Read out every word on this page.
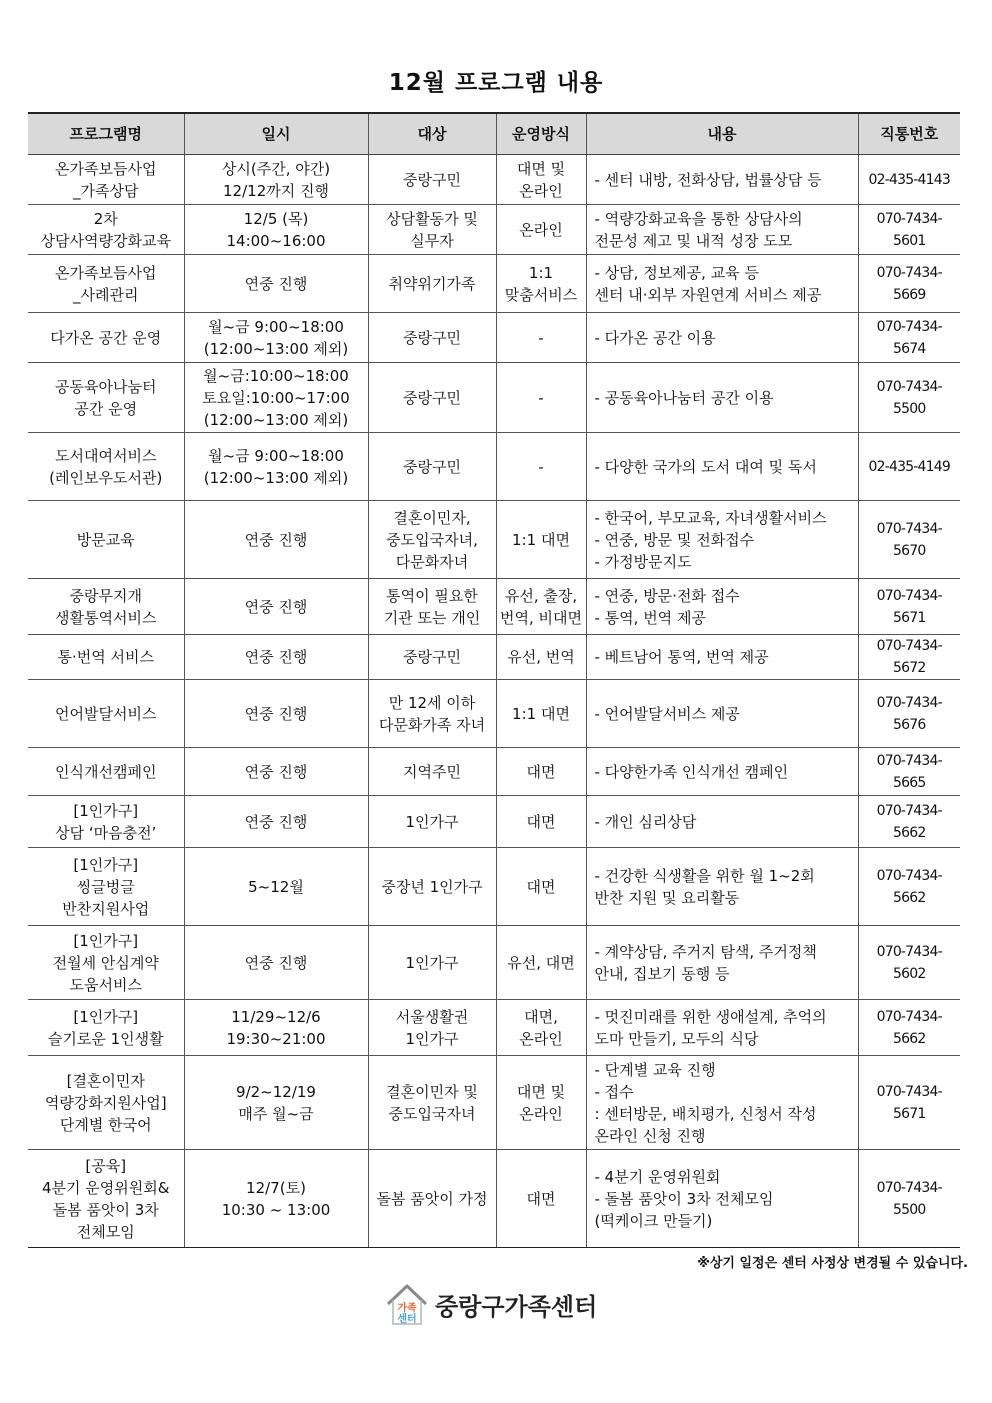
12월 프로그램 내용
프로그램명	일시	대상	운영방식	내용	직통번호
온가족보듬사업
_가족상담	상시(주간, 야간)
12/12까지 진행	중랑구민	대면 및
온라인	- 센터 내방, 전화상담, 법률상담 등	02-435-4143
2차
상담사역량강화교육	12/5 (목)
14:00~16:00	상담활동가 및
실무자	온라인	- 역량강화교육을 통한 상담사의
전문성 제고 및 내적 성장 도모	070-7434-5601
온가족보듬사업
_사례관리	연중 진행	취약위기가족	1:1
맞춤서비스	- 상담, 정보제공, 교육 등
센터 내·외부 자원연계 서비스 제공	070-7434-5669
다가온 공간 운영	월~금 9:00~18:00
(12:00~13:00 제외)	중랑구민	-	- 다가온 공간 이용	070-7434-5674
공동육아나눔터
공간 운영	월~금:10:00~18:00
토요일:10:00~17:00
(12:00~13:00 제외)	중랑구민	-	- 공동육아나눔터 공간 이용	070-7434-5500
도서대여서비스
(레인보우도서관)	월~금 9:00~18:00
(12:00~13:00 제외)	중랑구민	-	- 다양한 국가의 도서 대여 및 독서	02-435-4149
방문교육	연중 진행	결혼이민자,
중도입국자녀,
다문화자녀	1:1 대면	- 한국어, 부모교육, 자녀생활서비스
- 연중, 방문 및 전화접수
- 가정방문지도	070-7434-5670
중랑무지개
생활통역서비스	연중 진행	통역이 필요한
기관 또는 개인	유선, 출장,
번역, 비대면	- 연중, 방문·전화 접수
- 통역, 번역 제공	070-7434-5671
통·번역 서비스	연중 진행	중랑구민	유선, 번역	- 베트남어 통역, 번역 제공	070-7434-5672
언어발달서비스	연중 진행	만 12세 이하
다문화가족 자녀	1:1 대면	- 언어발달서비스 제공	070-7434-5676
인식개선캠페인	연중 진행	지역주민	대면	- 다양한가족 인식개선 캠페인	070-7434-5665
[1인가구]
상담 ‘마음충전’	연중 진행	1인가구	대면	- 개인 심리상담	070-7434-5662
[1인가구]
씽글벙글
반찬지원사업	5~12월	중장년 1인가구	대면	- 건강한 식생활을 위한 월 1~2회
반찬 지원 및 요리활동	070-7434-5662
[1인가구]
전월세 안심계약
도움서비스	연중 진행	1인가구	유선, 대면	- 계약상담, 주거지 탐색, 주거정책
안내, 집보기 동행 등	070-7434-5602
[1인가구]
슬기로운 1인생활	11/29~12/6
19:30~21:00	서울생활권
1인가구	대면,
온라인	- 멋진미래를 위한 생애설계, 추억의
도마 만들기, 모두의 식당	070-7434-5662
[결혼이민자
역량강화지원사업]
단계별 한국어	9/2~12/19
매주 월~금	결혼이민자 및
중도입국자녀	대면 및
온라인	- 단계별 교육 진행
- 접수
: 센터방문, 배치평가, 신청서 작성
온라인 신청 진행	070-7434-5671
[공육]
4분기 운영위원회&
돌봄 품앗이 3차
전체모임	12/7(토)
10:30 ~ 13:00	돌봄 품앗이 가정	대면	- 4분기 운영위원회
- 돌봄 품앗이 3차 전체모임
(떡케이크 만들기)	070-7434-5500
※상기 일정은 센터 사정상 변경될 수 있습니다.
가족
센터 중랑구가족센터
